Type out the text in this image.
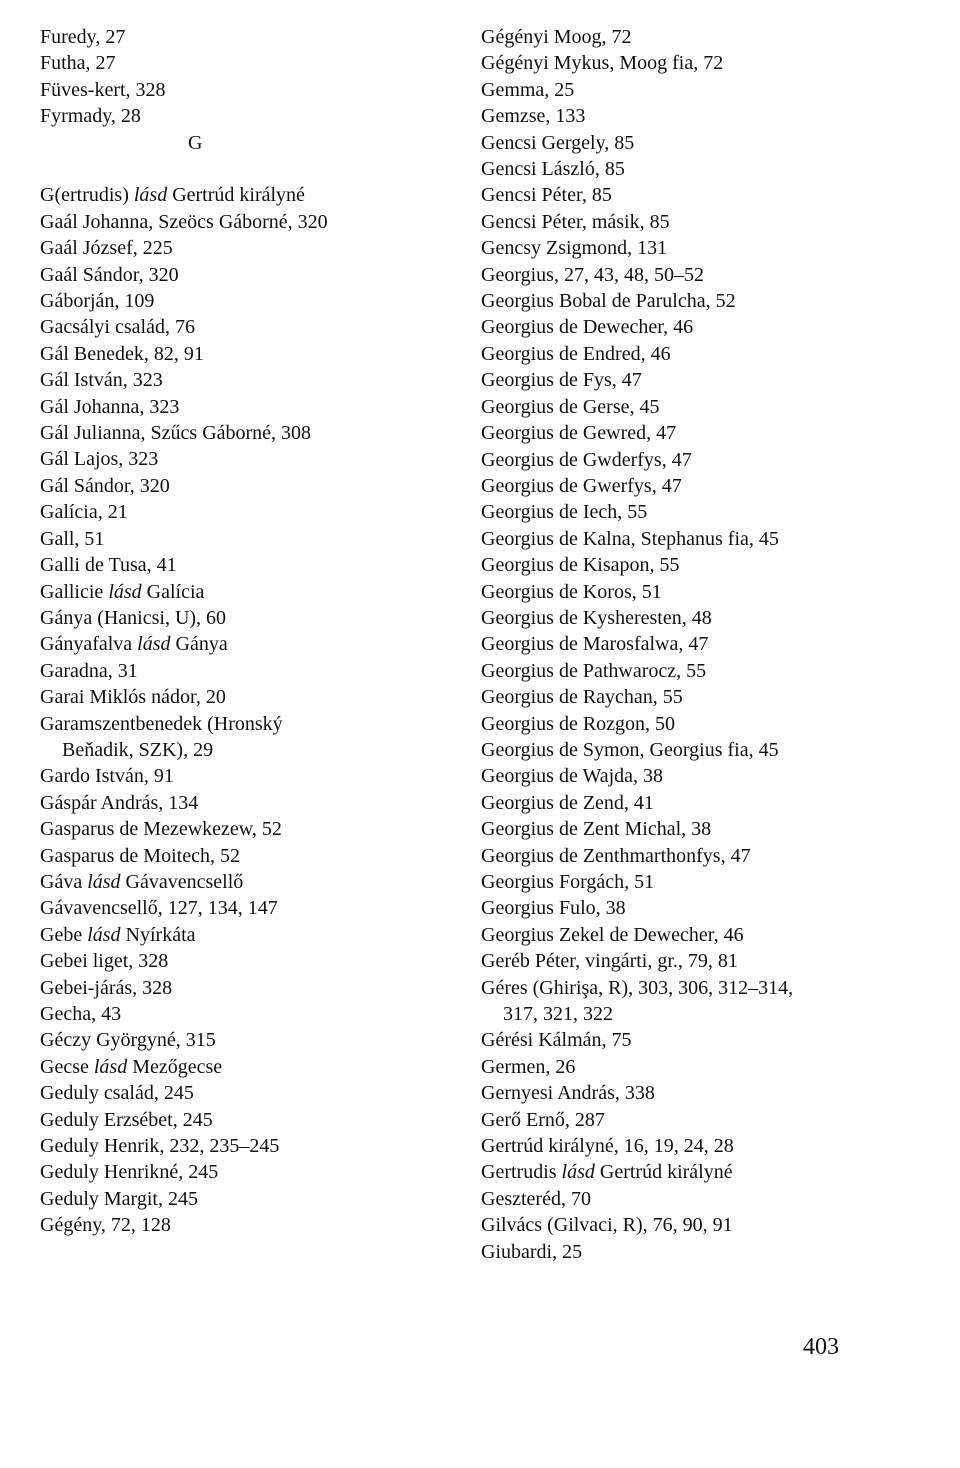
Furedy, 27
Futha, 27
Füves-kert, 328
Fyrmady, 28
G
G(ertrudis) lásd Gertrúd királyné
Gaál Johanna, Szeöcs Gáborné, 320
Gaál József, 225
Gaál Sándor, 320
Gáborján, 109
Gacsályi család, 76
Gál Benedek, 82, 91
Gál István, 323
Gál Johanna, 323
Gál Julianna, Szűcs Gáborné, 308
Gál Lajos, 323
Gál Sándor, 320
Galícia, 21
Gall, 51
Galli de Tusa, 41
Gallicie lásd Galícia
Gánya (Hanicsi, U), 60
Gányafalva lásd Gánya
Garadna, 31
Garai Miklós nádor, 20
Garamszentbenedek (Hronský
Beňadik, SZK), 29
Gardo István, 91
Gáspár András, 134
Gasparus de Mezewkezew, 52
Gasparus de Moitech, 52
Gáva lásd Gávavencsellő
Gávavencsellő, 127, 134, 147
Gebe lásd Nyírkáta
Gebei liget, 328
Gebei-járás, 328
Gecha, 43
Géczy Györgyné, 315
Gecse lásd Mezőgecse
Geduly család, 245
Geduly Erzsébet, 245
Geduly Henrik, 232, 235–245
Geduly Henrikné, 245
Geduly Margit, 245
Gégény, 72, 128
Gégényi Moog, 72
Gégényi Mykus, Moog fia, 72
Gemma, 25
Gemzse, 133
Gencsi Gergely, 85
Gencsi László, 85
Gencsi Péter, 85
Gencsi Péter, másik, 85
Gencsy Zsigmond, 131
Georgius, 27, 43, 48, 50–52
Georgius Bobal de Parulcha, 52
Georgius de Dewecher, 46
Georgius de Endred, 46
Georgius de Fys, 47
Georgius de Gerse, 45
Georgius de Gewred, 47
Georgius de Gwderfys, 47
Georgius de Gwerfys, 47
Georgius de Iech, 55
Georgius de Kalna, Stephanus fia, 45
Georgius de Kisapon, 55
Georgius de Koros, 51
Georgius de Kysheresten, 48
Georgius de Marosfalwa, 47
Georgius de Pathwarocz, 55
Georgius de Raychan, 55
Georgius de Rozgon, 50
Georgius de Symon, Georgius fia, 45
Georgius de Wajda, 38
Georgius de Zend, 41
Georgius de Zent Michal, 38
Georgius de Zenthmarthonfys, 47
Georgius Forgách, 51
Georgius Fulo, 38
Georgius Zekel de Dewecher, 46
Geréb Péter, vingárti, gr., 79, 81
Géres (Ghirişa, R), 303, 306, 312–314,
317, 321, 322
Gérési Kálmán, 75
Germen, 26
Gernyesi András, 338
Gerő Ernő, 287
Gertrúd királyné, 16, 19, 24, 28
Gertrudis lásd Gertrúd királyné
Geszteréd, 70
Gilvács (Gilvaci, R), 76, 90, 91
Giubardi, 25
403
